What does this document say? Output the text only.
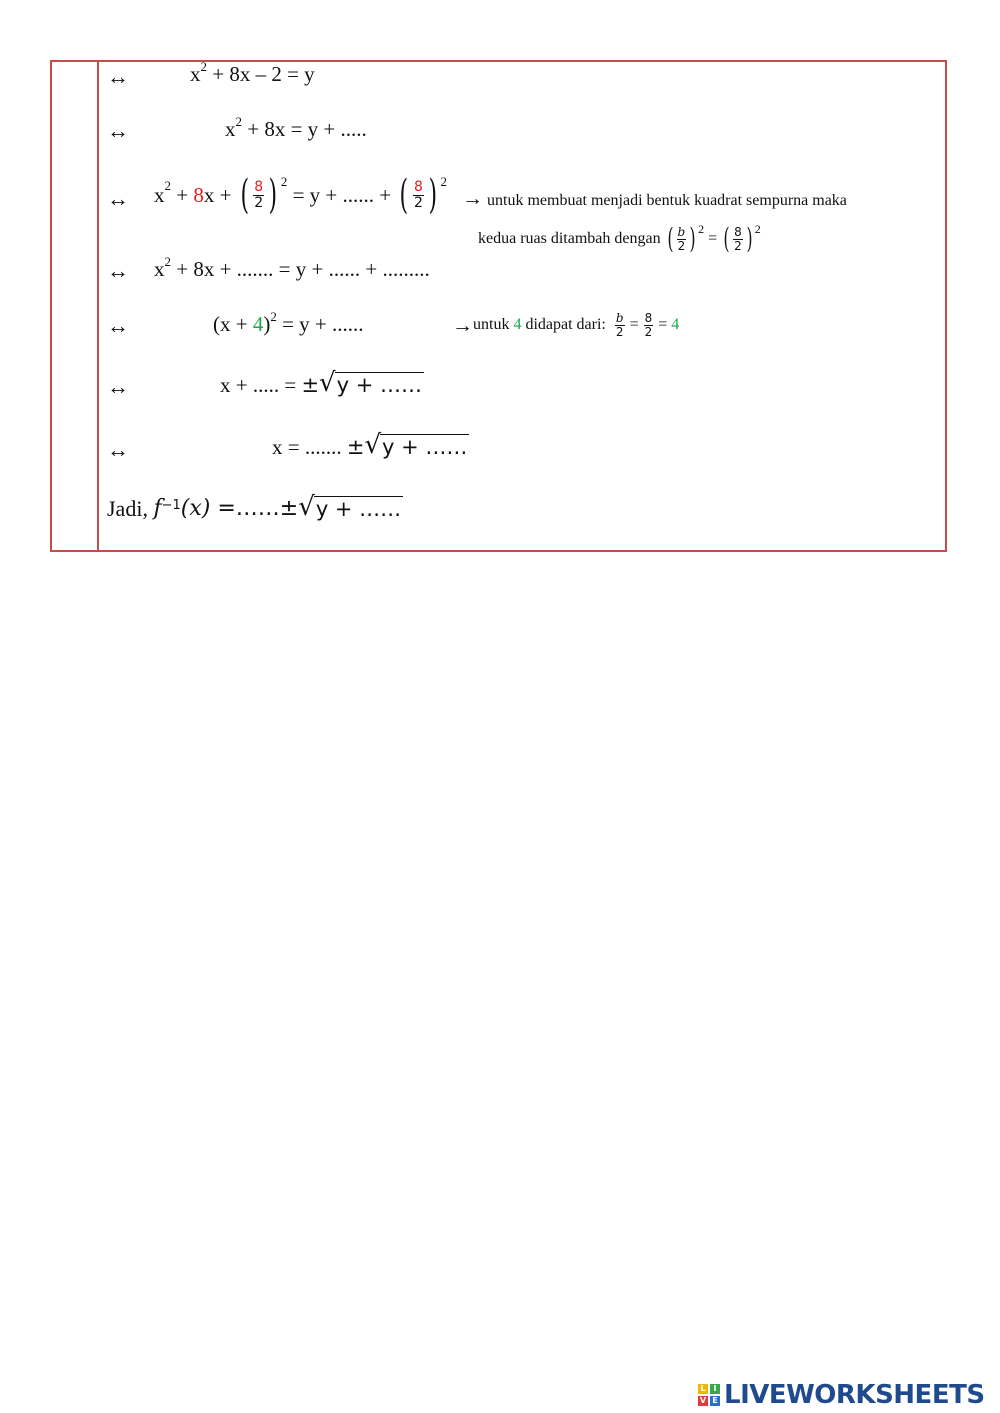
↔	$x^2 + 8x - 2 = y$
↔	$x^2 + 8x = y$ + .....
↔ $x^2 + 8$ x + ( $\frac{8}{2}$ ) $^2$
= y + ...... + ( $\frac{8}{2}$ ) $^2$
→ untuk membuat menjadi bentuk kuadrat sempurna maka
kedua ruas ditambah dengan ( $\frac{b}{2} )^2$
= ( $\frac{8}{2} )^2$
↔ $x^2 + 8x$ + ....... = y + ...... + .........
↔	$(x + 4)^2 = y$ + ......	→ untuk 4 didapat dari: $\frac{b}{2} = \frac{8}{2} = 4$
↔	x + ..... = ± √ y + ……
↔	x = ....... ± √ y + ……
Jadi, $f^{-1}$ (x) =…… ± √ y + ……
L I
V E LIVEWORKSHEETS
